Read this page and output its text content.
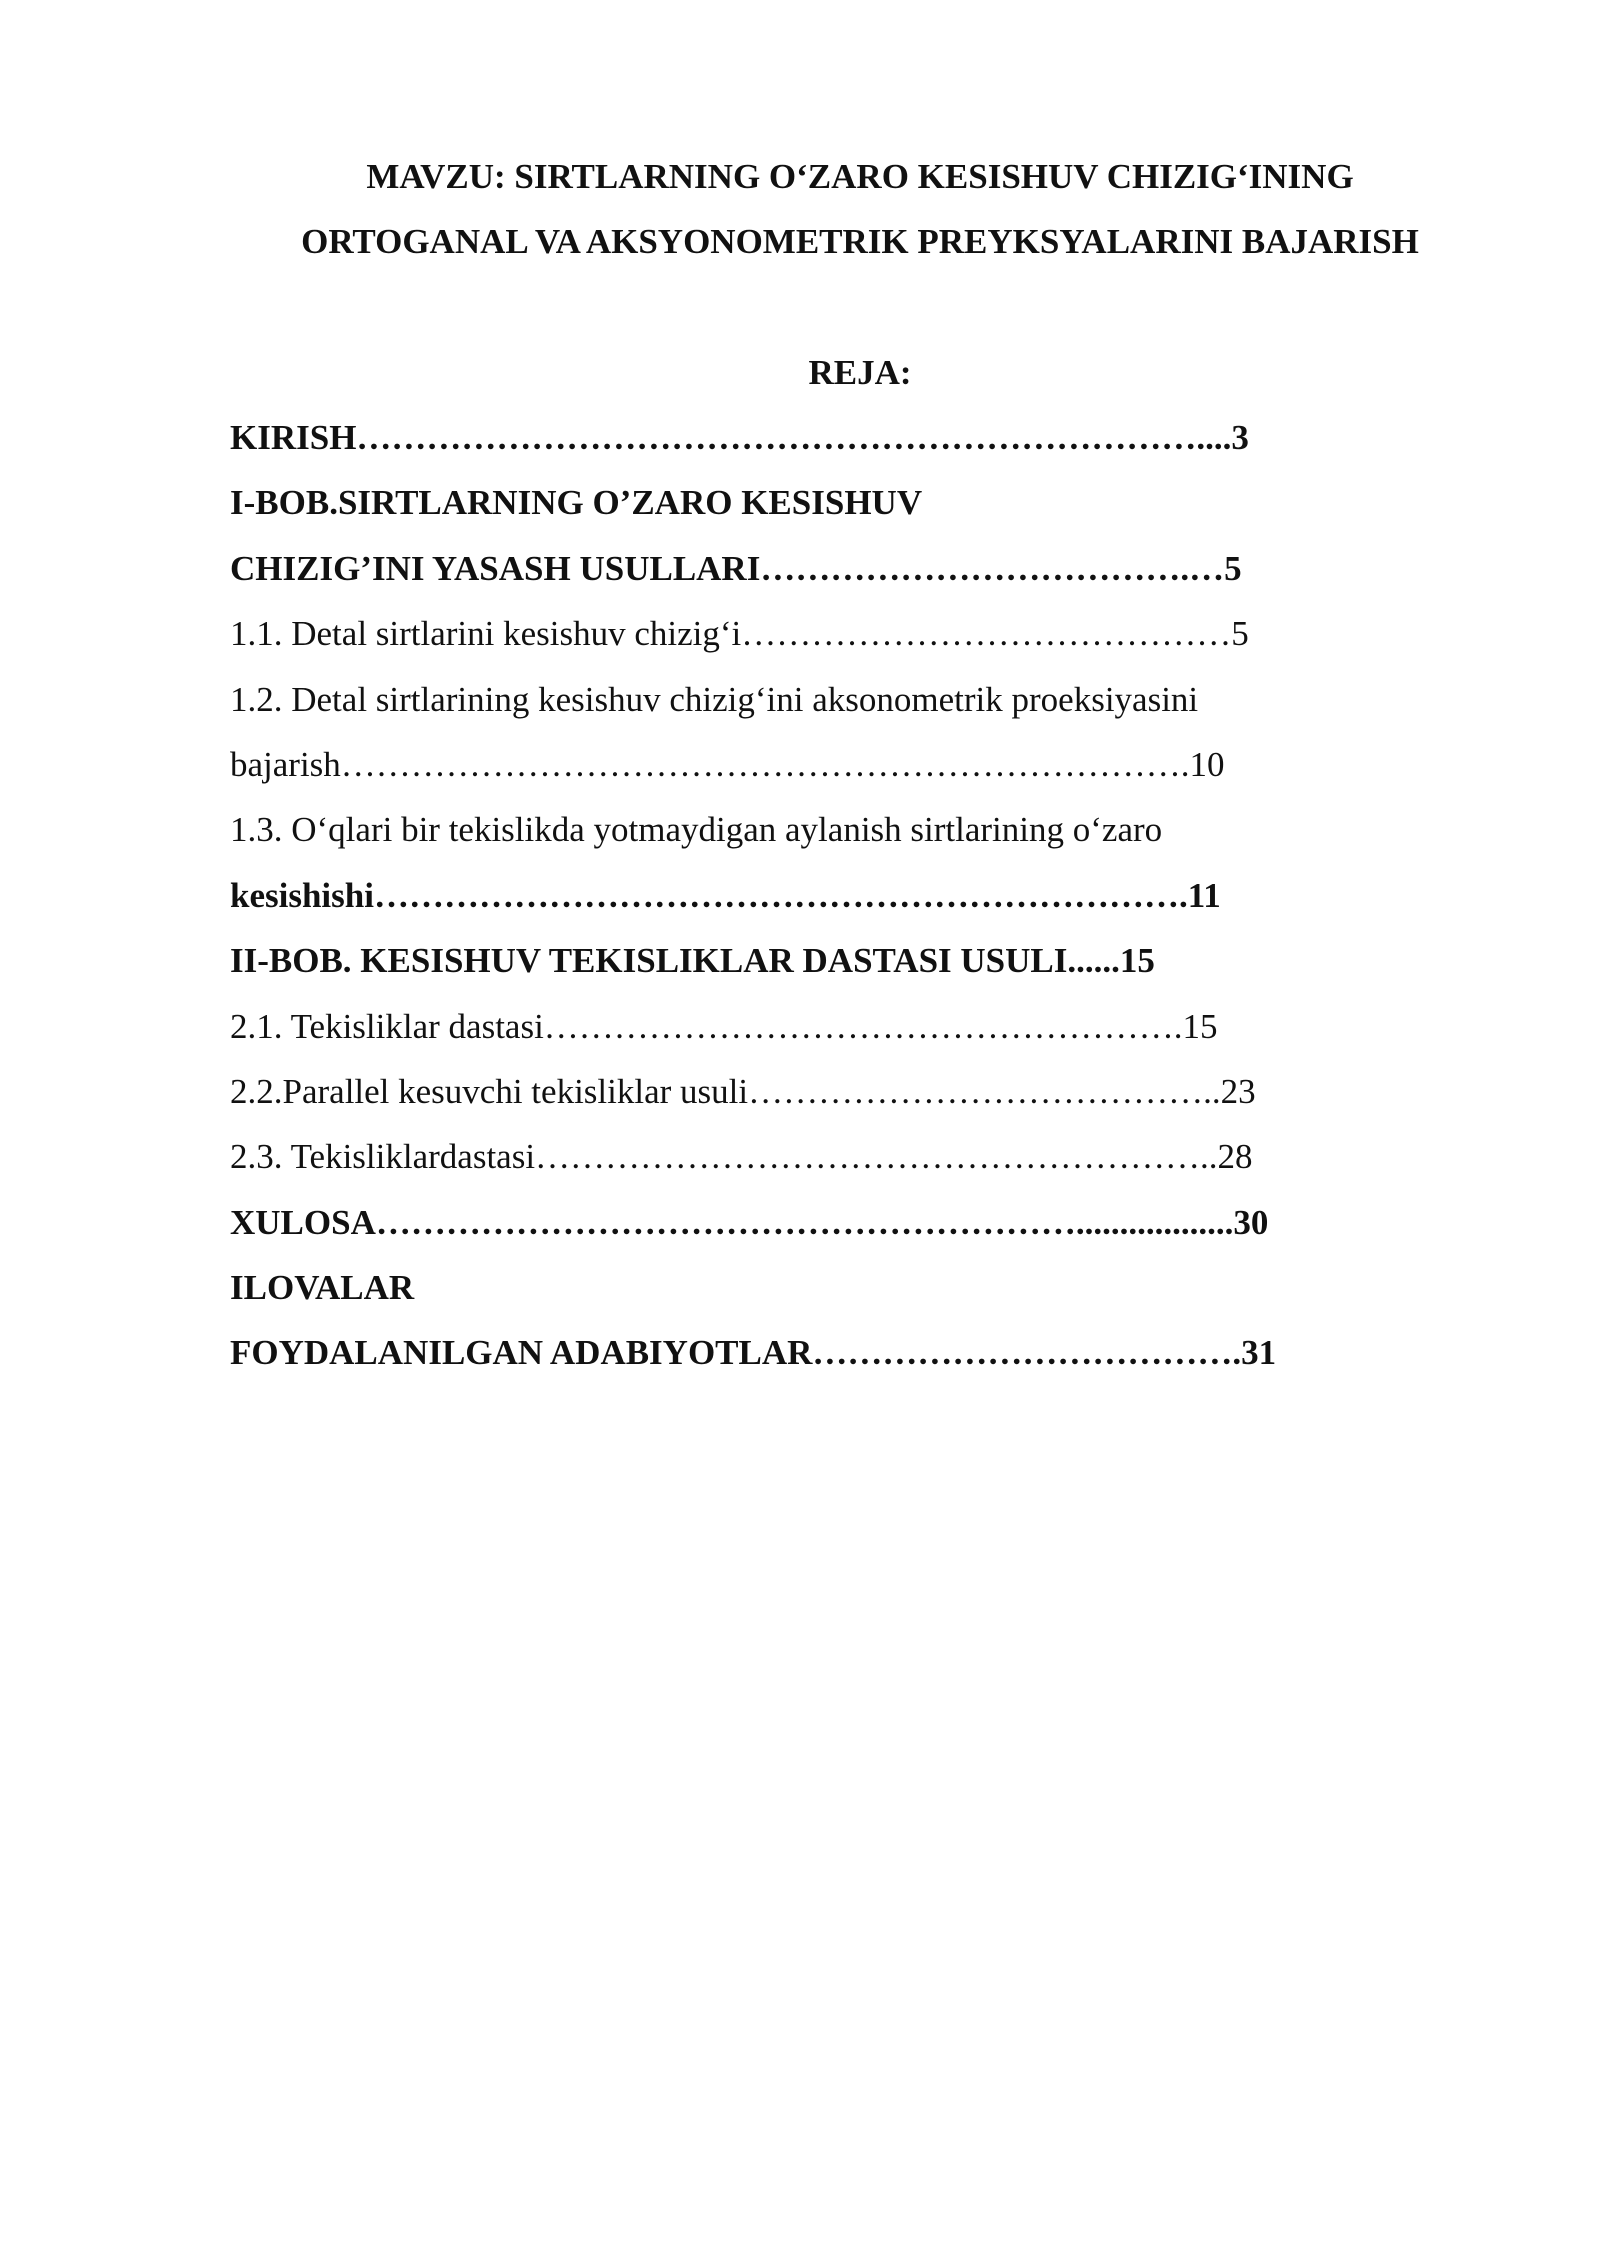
MAVZU: SIRTLARNING O‘ZARO KESISHUV CHIZIG‘INING
ORTOGANAL VA AKSYONOMETRIK PREYKSYALARINI BAJARISH
REJA:
KIRISH………………………………………………………………....3
I-BOB.SIRTLARNING O’ZARO KESISHUV
CHIZIG’INI YASASH USULLARI……………………………….…5
1.1. Detal sirtlarini kesishuv chizig‘i……………………………………5
1.2. Detal sirtlarining kesishuv chizig‘ini aksonometrik proeksiyasini
bajarish……………………………………………………………….10
1.3. O‘qlari bir tekislikda yotmaydigan aylanish sirtlarining o‘zaro
kesishishi…………………………………………………………….11
II-BOB. KESISHUV TEKISLIKLAR DASTASI USULI......15
2.1. Tekisliklar dastasi……………………………………………….15
2.2.Parallel kesuvchi tekisliklar usuli…………………………………..23
2.3. Tekisliklardastasi…………………………………………………..28
XULOSA……………………………………………………..................30
ILOVALAR
FOYDALANILGAN ADABIYOTLAR……………………………….31
